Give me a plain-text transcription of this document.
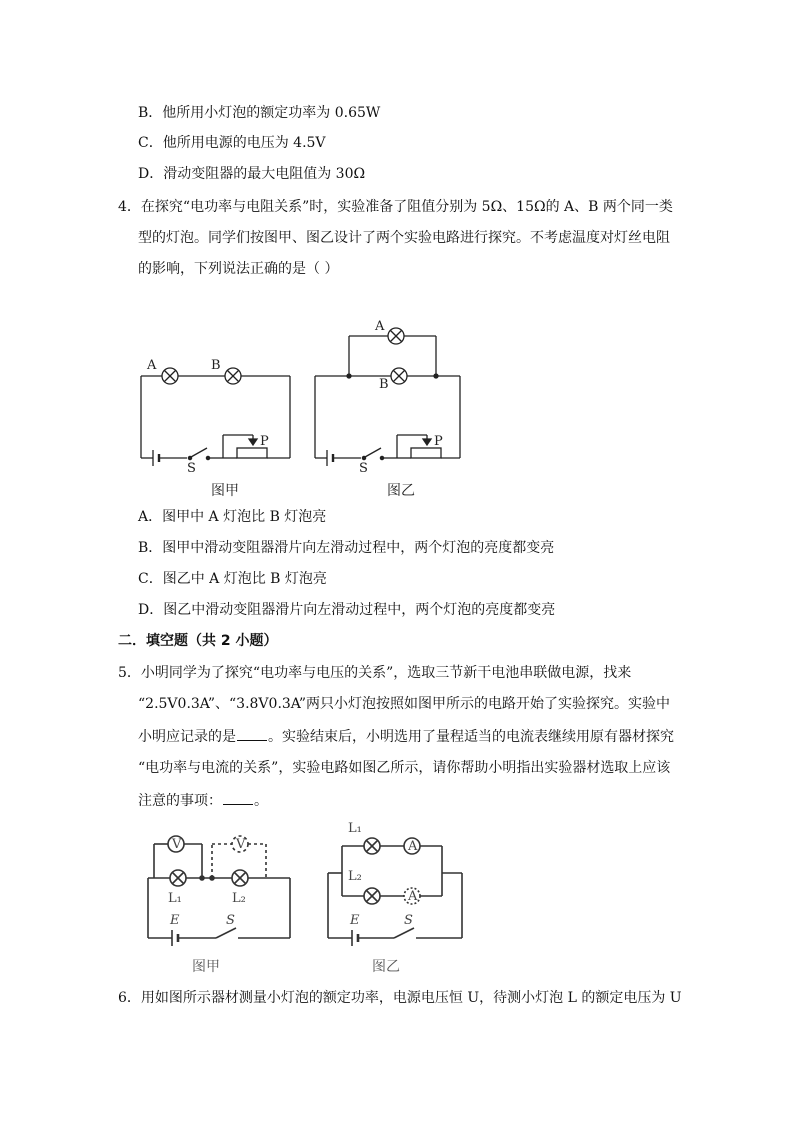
B．他所用小灯泡的额定功率为 0.65W
C．他所用电源的电压为 4.5V
D．滑动变阻器的最大电阻值为 30Ω
4．在探究“电功率与电阻关系”时，实验准备了阻值分别为 5Ω、15Ω的 A、B 两个同一类
型的灯泡。同学们按图甲、图乙设计了两个实验电路进行探究。不考虑温度对灯丝电阻
的影响，下列说法正确的是（ ）
A	B
P
S
A
B
P
S
图甲	图乙
A．图甲中 A 灯泡比 B 灯泡亮
B．图甲中滑动变阻器滑片向左滑动过程中，两个灯泡的亮度都变亮
C．图乙中 A 灯泡比 B 灯泡亮
D．图乙中滑动变阻器滑片向左滑动过程中，两个灯泡的亮度都变亮
二．填空题（共 2 小题）
5．小明同学为了探究“电功率与电压的关系”，选取三节新干电池串联做电源，找来
“2.5V0.3A”、“3.8V0.3A”两只小灯泡按照如图甲所示的电路开始了实验探究。实验中
小明应记录的是 。实验结束后，小明选用了量程适当的电流表继续用原有器材探究
“电功率与电流的关系”，实验电路如图乙所示，请你帮助小明指出实验器材选取上应该
注意的事项： 。
V	V
L₁	L₂
E	S
A
A
L₁
L₂
E	S
图甲	图乙
6．用如图所示器材测量小灯泡的额定功率，电源电压恒 U，待测小灯泡 L 的额定电压为 U
